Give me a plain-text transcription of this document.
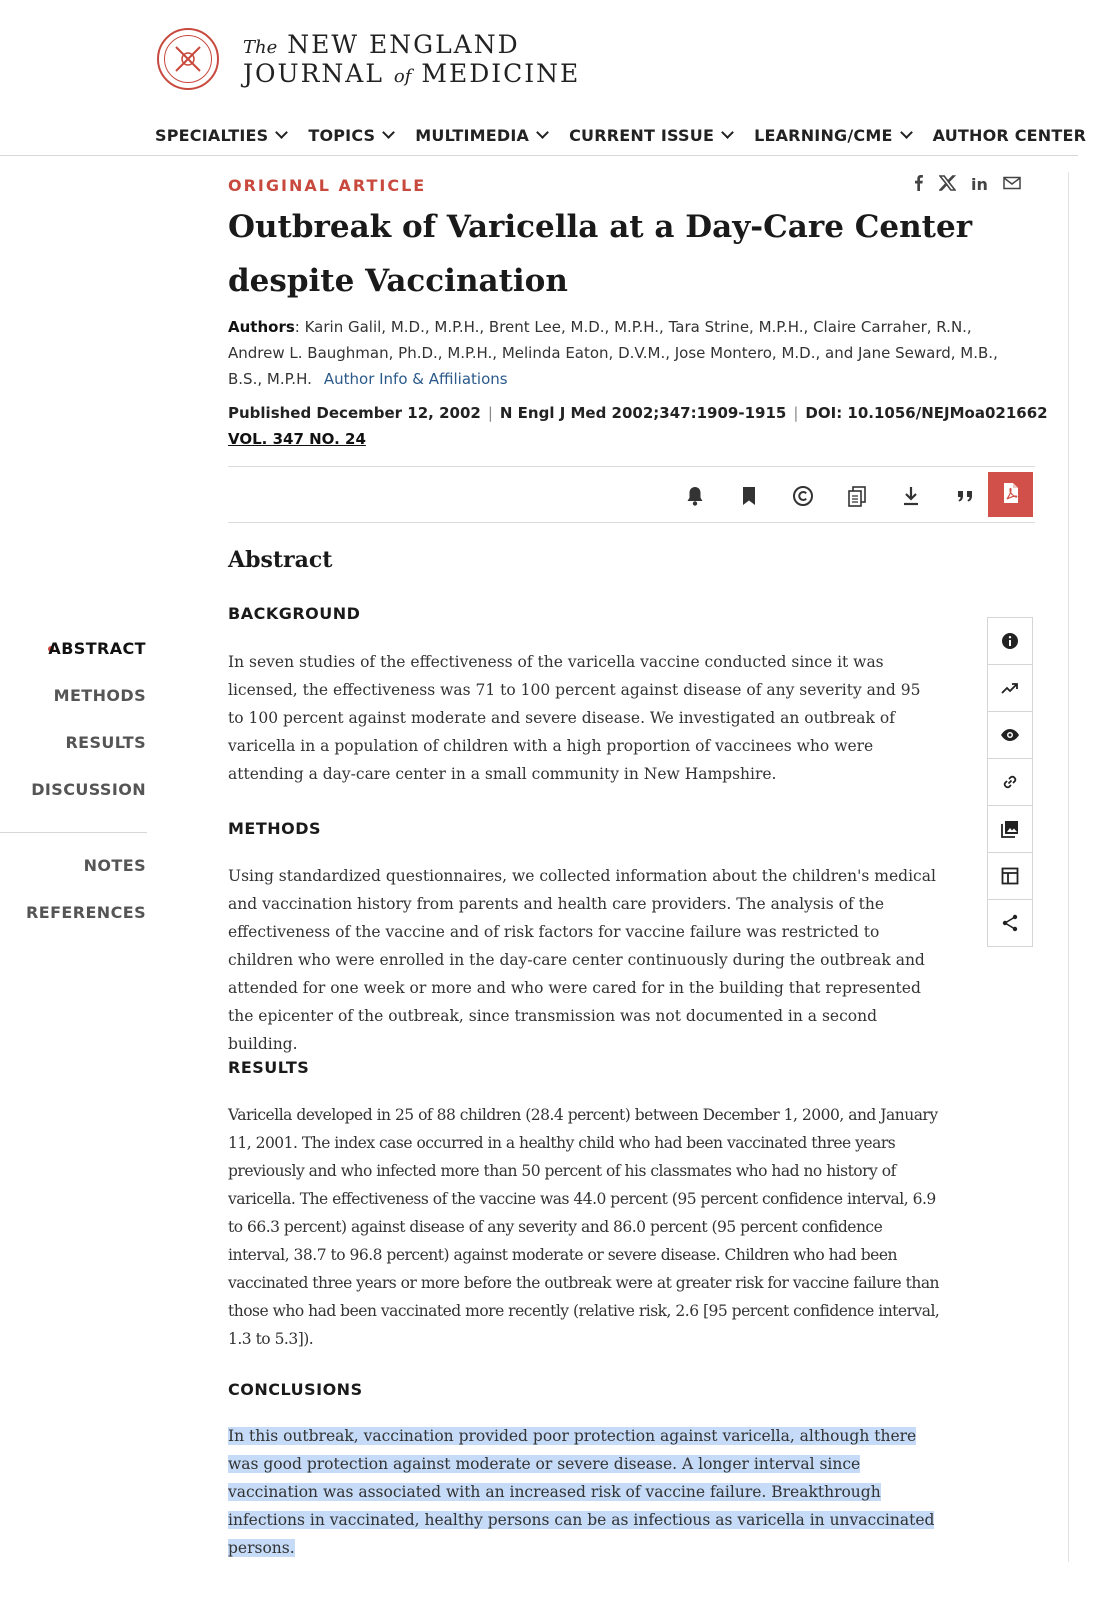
The NEW ENGLAND
JOURNAL of MEDICINE
SPECIALTIES	TOPICS	MULTIMEDIA	CURRENT ISSUE	LEARNING/CME	AUTHOR CENTER
ORIGINAL ARTICLE	in
Outbreak of Varicella at a Day-Care Center despite Vaccination
Authors: Karin Galil, M.D., M.P.H., Brent Lee, M.D., M.P.H., Tara Strine, M.P.H., Claire Carraher, R.N., Andrew L. Baughman, Ph.D., M.P.H., Melinda Eaton, D.V.M., Jose Montero, M.D., and Jane Seward, M.B., B.S., M.P.H. Author Info & Affiliations
Published December 12, 2002 | N Engl J Med 2002;347:1909-1915 | DOI: 10.1056/NEJMoa021662
VOL. 347 NO. 24
ABSTRACT
METHODS
RESULTS
DISCUSSION
NOTES
REFERENCES
Abstract
BACKGROUND

In seven studies of the effectiveness of the varicella vaccine conducted since it was licensed, the effectiveness was 71 to 100 percent against disease of any severity and 95 to 100 percent against moderate and severe disease. We investigated an outbreak of varicella in a population of children with a high proportion of vaccinees who were attending a day-care center in a small community in New Hampshire.

METHODS

Using standardized questionnaires, we collected information about the children's medical and vaccination history from parents and health care providers. The analysis of the effectiveness of the vaccine and of risk factors for vaccine failure was restricted to children who were enrolled in the day-care center continuously during the outbreak and attended for one week or more and who were cared for in the building that represented the epicenter of the outbreak, since transmission was not documented in a second building.

RESULTS

Varicella developed in 25 of 88 children (28.4 percent) between December 1, 2000, and January 11, 2001. The index case occurred in a healthy child who had been vaccinated three years previously and who infected more than 50 percent of his classmates who had no history of varicella. The effectiveness of the vaccine was 44.0 percent (95 percent confidence interval, 6.9 to 66.3 percent) against disease of any severity and 86.0 percent (95 percent confidence interval, 38.7 to 96.8 percent) against moderate or severe disease. Children who had been vaccinated three years or more before the outbreak were at greater risk for vaccine failure than those who had been vaccinated more recently (relative risk, 2.6 [95 percent confidence interval, 1.3 to 5.3]).

CONCLUSIONS

In this outbreak, vaccination provided poor protection against varicella, although there was good protection against moderate or severe disease. A longer interval since vaccination was associated with an increased risk of vaccine failure. Breakthrough infections in vaccinated, healthy persons can be as infectious as varicella in unvaccinated persons.
